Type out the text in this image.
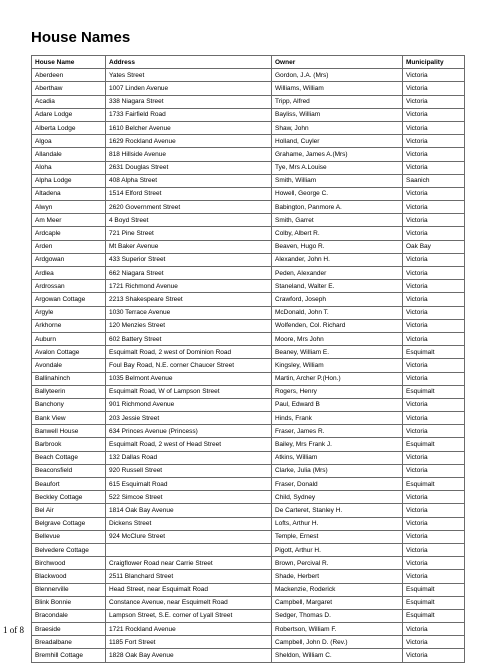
House Names
House Name	Address	Owner	Municipality
Aberdeen	Yates Street	Gordon, J.A. (Mrs)	Victoria
Aberthaw	1007 Linden Avenue	Williams, William	Victoria
Acadia	338 Niagara Street	Tripp, Alfred	Victoria
Adare Lodge	1733 Fairfield Road	Bayliss, William	Victoria
Alberta Lodge	1610 Belcher Avenue	Shaw, John	Victoria
Algoa	1629 Rockland Avenue	Holland, Cuyler	Victoria
Allandale	818 Hillside Avenue	Grahame, James A.(Mrs)	Victoria
Aloha	2631 Douglas Street	Tye, Mrs A.Louise	Victoria
Alpha Lodge	408 Alpha Street	Smith, William	Saanich
Altadena	1514 Elford Street	Howell, George C.	Victoria
Alwyn	2620 Government Street	Babington, Panmore A.	Victoria
Am Meer	4 Boyd Street	Smith, Garret	Victoria
Ardcaple	721 Pine Street	Colby, Albert R.	Victoria
Arden	Mt Baker Avenue	Beaven, Hugo R.	Oak Bay
Ardgowan	433 Superior Street	Alexander, John H.	Victoria
Ardlea	662 Niagara Street	Peden, Alexander	Victoria
Ardrossan	1721 Richmond Avenue	Staneland, Walter E.	Victoria
Argowan Cottage	2213 Shakespeare Street	Crawford, Joseph	Victoria
Argyle	1030 Terrace Avenue	McDonald, John T.	Victoria
Arkhorne	120 Menzies Street	Wolfenden, Col. Richard	Victoria
Auburn	602 Battery Street	Moore, Mrs John	Victoria
Avalon Cottage	Esquimalt Road, 2 west of Dominion Road	Beaney, William E.	Esquimalt
Avondale	Foul Bay Road, N.E. corner Chaucer Street	Kingsley, William	Victoria
Ballinahinch	1035 Belmont Avenue	Martin, Archer P.(Hon.)	Victoria
Ballyteerin	Esquimalt Road, W of Lampson Street	Rogers, Henry	Esquimalt
Banchony	901 Richmond Avenue	Paul, Edward B	Victoria
Bank View	203 Jessie Street	Hinds, Frank	Victoria
Banwell House	634 Princes Avenue (Princess)	Fraser, James R.	Victoria
Barbrook	Esquimalt Road, 2 west of Head Street	Bailey, Mrs Frank J.	Esquimalt
Beach Cottage	132 Dallas Road	Atkins, William	Victoria
Beaconsfield	920 Russell Street	Clarke, Julia (Mrs)	Victoria
Beaufort	615 Esquimalt Road	Fraser, Donald	Esquimalt
Beckley Cottage	522 Simcoe Street	Child, Sydney	Victoria
Bel Air	1814 Oak Bay Avenue	De Carteret, Stanley H.	Victoria
Belgrave Cottage	Dickens Street	Lofts, Arthur H.	Victoria
Bellevue	924 McClure Street	Temple, Ernest	Victoria
Belvedere Cottage		Pigott, Arthur H.	Victoria
Birchwood	Craigflower Road near Carrie Street	Brown, Percival R.	Victoria
Blackwood	2511 Blanchard Street	Shade, Herbert	Victoria
Blennerville	Head Street, near Esquimalt Road	Mackenzie, Roderick	Esquimalt
Blink Bonnie	Constance Avenue, near Esquimelt Road	Campbell, Margaret	Esquimalt
Bracondale	Lampson Street, S.E. corner of Lyall Street	Sedger, Thomas D.	Esquimalt
Braeside	1721 Rockland Avenue	Robertson, William F.	Victoria
Breadalbane	1185 Fort Street	Campbell, John D. (Rev.)	Victoria
Bremhill Cottage	1828 Oak Bay Avenue	Sheldon, William C.	Victoria
1 of 8
